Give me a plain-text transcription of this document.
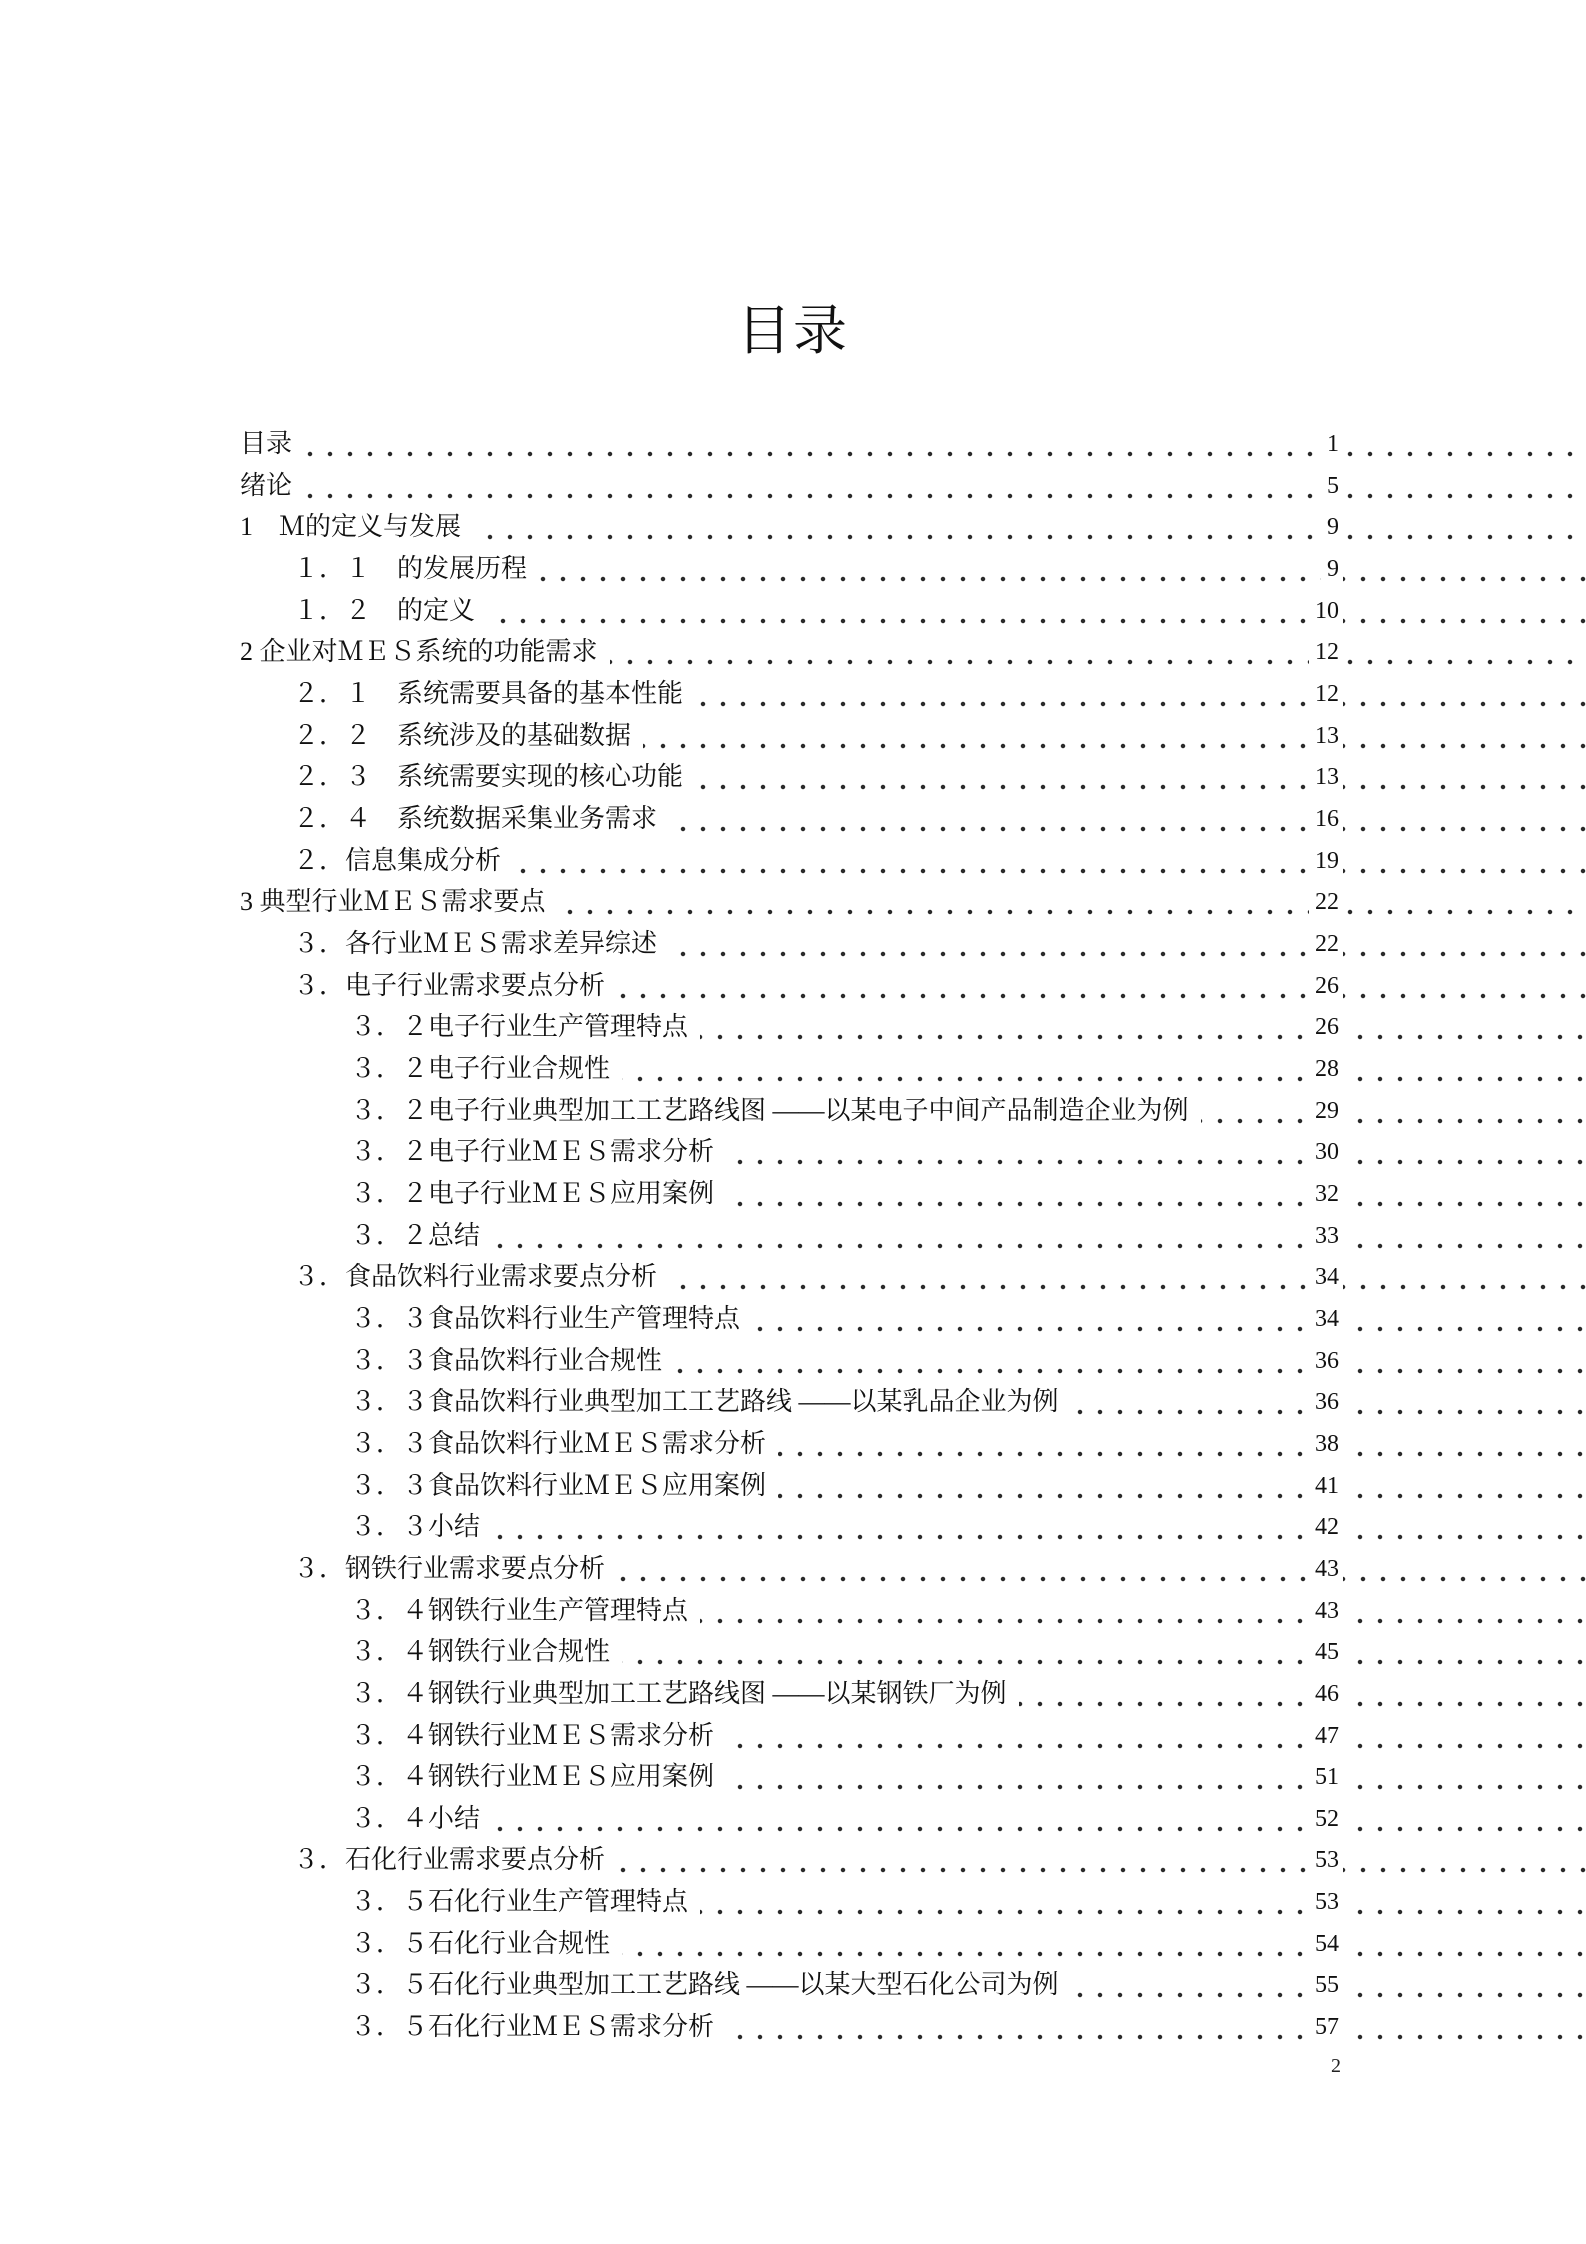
目录
目录	1
绪论	5
1　Ｍ的定义与发展	9
１．１　的发展历程	9
１．２　的定义	10
2 企业对ＭＥＳ系统的功能需求	12
２．１　系统需要具备的基本性能	12
２．２　系统涉及的基础数据	13
２．３　系统需要实现的核心功能	13
２．４　系统数据采集业务需求	16
２．信息集成分析	19
3 典型行业ＭＥＳ需求要点	22
３．各行业ＭＥＳ需求差异综述	22
３．电子行业需求要点分析	26
３．２电子行业生产管理特点	26
３．２电子行业合规性	28
３．２电子行业典型加工工艺路线图 ——以某电子中间产品制造企业为例	29
３．２电子行业ＭＥＳ需求分析	30
３．２电子行业ＭＥＳ应用案例	32
３．２总结	33
３．食品饮料行业需求要点分析	34
３．３食品饮料行业生产管理特点	34
３．３食品饮料行业合规性	36
３．３食品饮料行业典型加工工艺路线 ——以某乳品企业为例	36
３．３食品饮料行业ＭＥＳ需求分析	38
３．３食品饮料行业ＭＥＳ应用案例	41
３．３小结	42
３．钢铁行业需求要点分析	43
３．４钢铁行业生产管理特点	43
３．４钢铁行业合规性	45
３．４钢铁行业典型加工工艺路线图 ——以某钢铁厂为例	46
３．４钢铁行业ＭＥＳ需求分析	47
３．４钢铁行业ＭＥＳ应用案例	51
３．４小结	52
３．石化行业需求要点分析	53
３．５石化行业生产管理特点	53
３．５石化行业合规性	54
３．５石化行业典型加工工艺路线 ——以某大型石化公司为例	55
３．５石化行业ＭＥＳ需求分析	57
2
